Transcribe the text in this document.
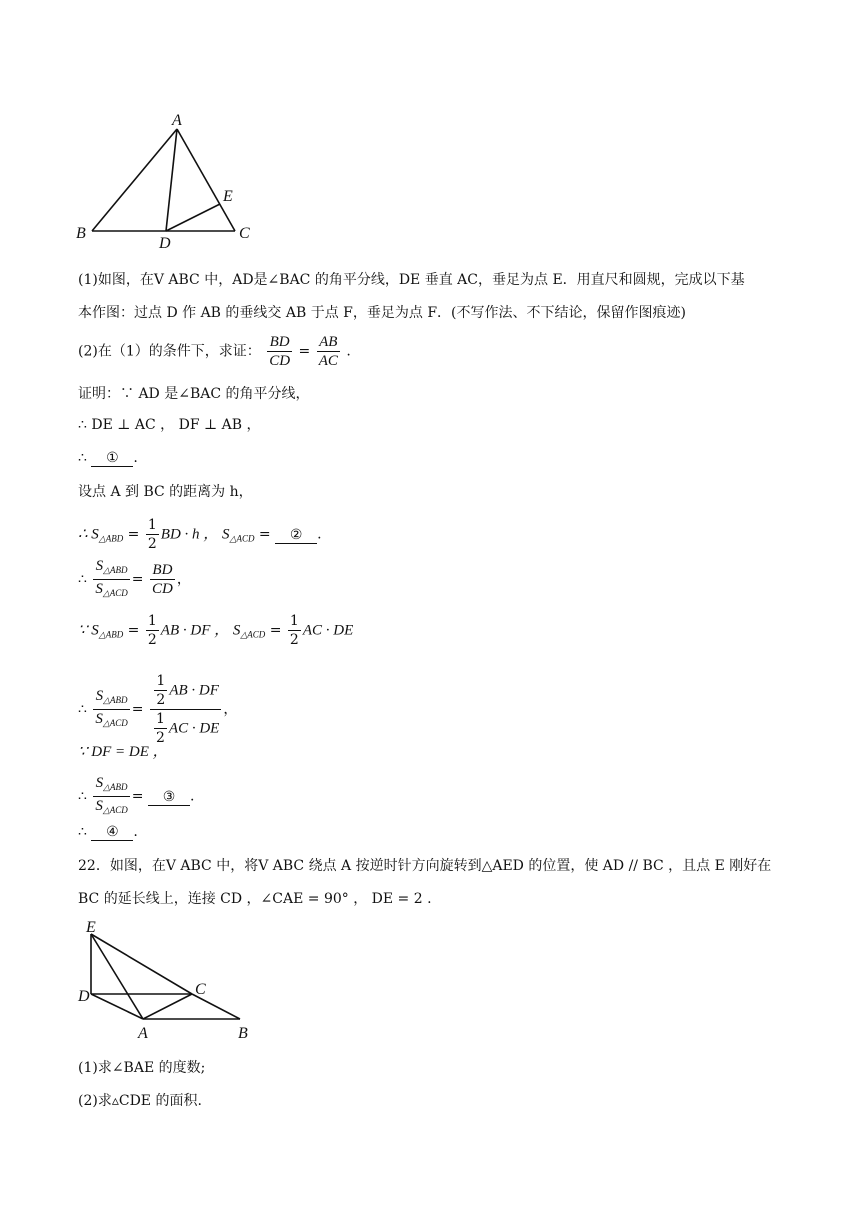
A
B	C
D
E
(1)如图，在V ABC 中，AD是∠BAC 的角平分线，DE 垂直 AC，垂足为点 E．用直尺和圆规，完成以下基
本作图：过点 D 作 AB 的垂线交 AB 于点 F，垂足为点 F．(不写作法、不下结论，保留作图痕迹)
(2)在（1）的条件下，求证： $\frac{BD}{CD} = \frac{AB}{AC}$ .
证明：∵ AD 是∠BAC 的角平分线，
∴ DE ⊥ AC ， DF ⊥ AB ，
∴ ① .
设点 A 到 BC 的距离为 h，
∴ $S_{\triangle ABD} = \frac{1}{2}$ BD · h ， $S_{\triangle ACD}$ = ② .
∴ $\frac{S_{\triangle ABD}}{S_{\triangle ACD}} = \frac{BD}{CD}$ ，
∵ $S_{\triangle ABD} = \frac{1}{2}$ AB · DF ， $S_{\triangle ACD} = \frac{1}{2}$ AC · DE
∴ $\frac{S_{\triangle ABD}}{S_{\triangle ACD}} = \frac{\frac{1}{2} AB \cdot DF}{\frac{1}{2} AC \cdot DE}$ ，
∵ DF = DE ，
∴ $\frac{S_{\triangle ABD}}{S_{\triangle ACD}}$ = ③ .
∴ ④ .
22．如图，在V ABC 中，将V ABC 绕点 A 按逆时针方向旋转到△AED 的位置，使 AD // BC ，且点 E 刚好在
BC 的延长线上，连接 CD ，∠CAE = 90° ， DE = 2 .
E
D	C
A	B
(1)求∠BAE 的度数;
(2)求▵CDE 的面积.
